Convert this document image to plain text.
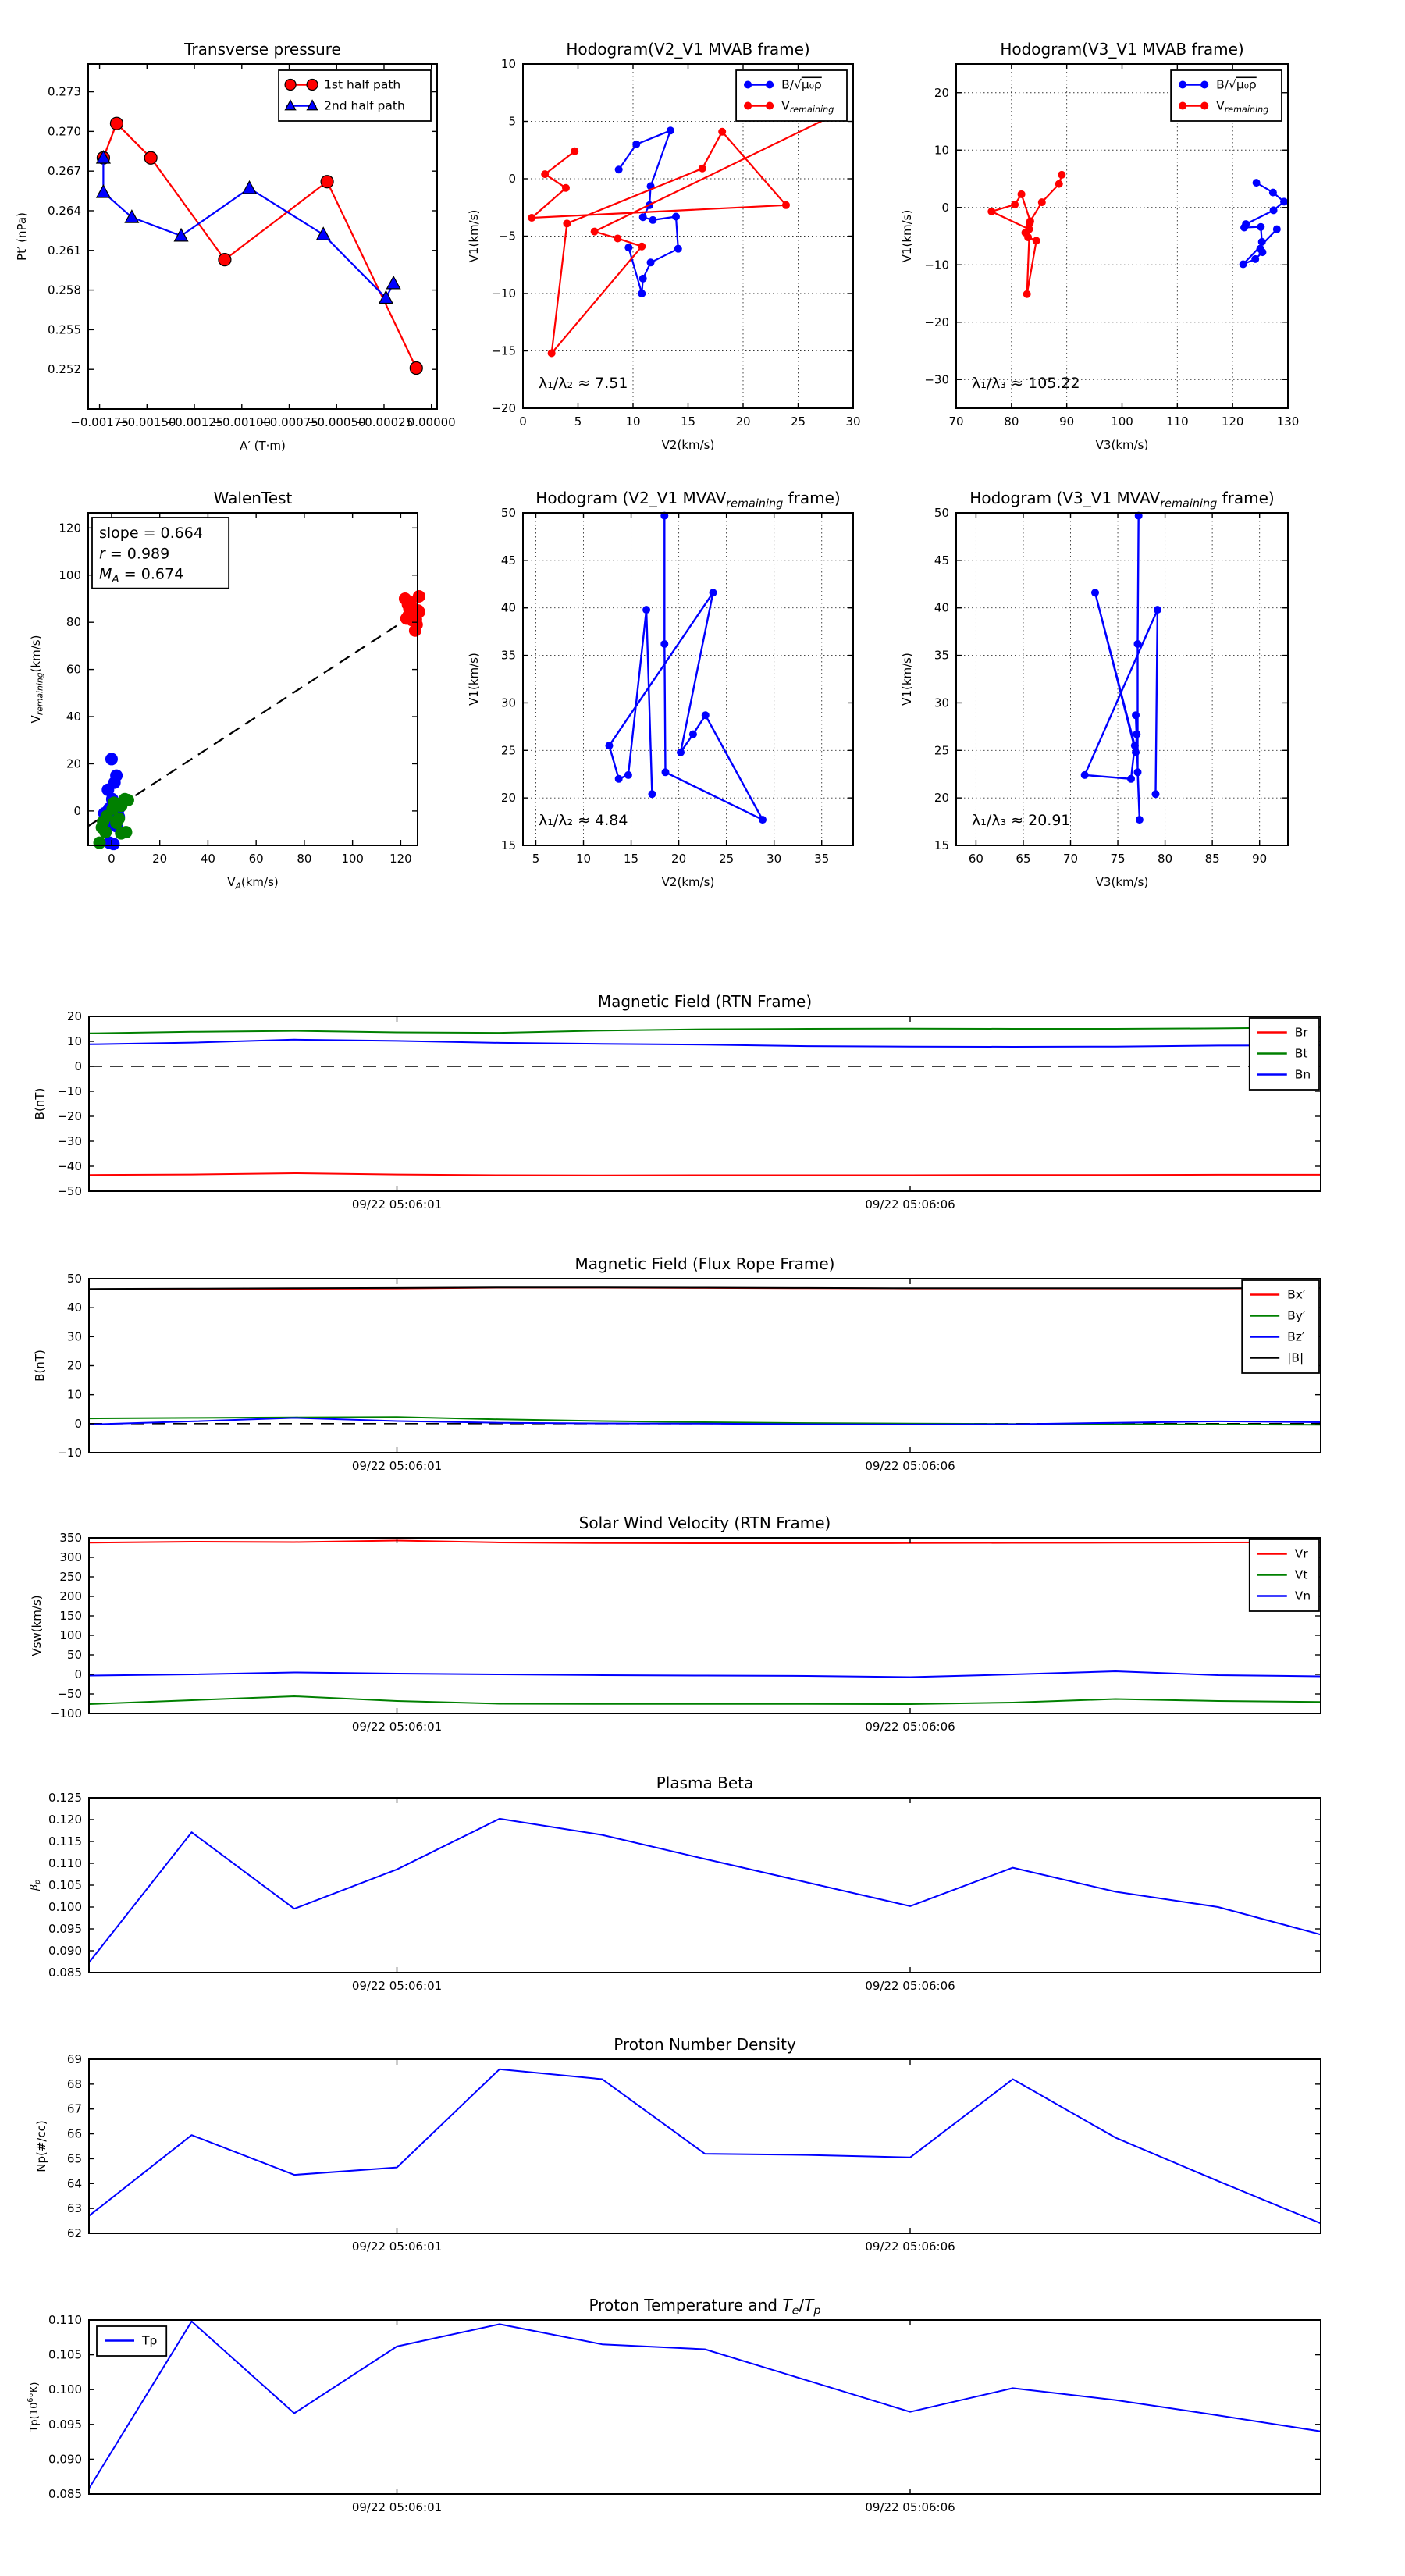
−0.00175
−0.00150
−0.00125
−0.00100
−0.00075
−0.00050
−0.00025
0.00000
0.252
0.255
0.258
0.261
0.264
0.267
0.270
0.273
Transverse pressure
A′ (T·m)
Pt′ (nPa)
1st half path
2nd half path
0	5	10	15	20	25	30
−20
−15
−10
−5
0
5
10
Hodogram(V2_V1 MVAB frame)
V2(km/s)
V1(km/s)
B/√μ₀ρ
$V_{remaining}$
λ₁/λ₂ ≈ 7.51
70	80	90	100	110	120	130
−30
−20
−10
0
10
20
Hodogram(V3_V1 MVAB frame)
V3(km/s)
V1(km/s)
B/√μ₀ρ
$V_{remaining}$
λ₁/λ₃ ≈ 105.22
0	20	40	60	80	100 120
0
20
40
60
80
100
120
WalenTest
$V_A(km/s)$
$V_{remaining}(km/s)$
slope = 0.664
r = 0.989
$M_A = 0.674$
5	10	15	20	25	30	35
15
20
25
30
35
40
45
50
Hodogram (V2_V1 $MVAV_{remaining}$ frame)
V2(km/s)
V1(km/s)
λ₁/λ₂ ≈ 4.84
60	65	70	75	80	85	90
15
20
25
30
35
40
45
50
Hodogram (V3_V1 $MVAV_{remaining}$ frame)
V3(km/s)
V1(km/s)
λ₁/λ₃ ≈ 20.91
09/22 05:06:01	09/22 05:06:06
−50
−40
−30
−20
−10
0
10
20
Magnetic Field (RTN Frame)
B(nT)
Br
Bt
Bn
09/22 05:06:01	09/22 05:06:06
−10
0
10
20
30
40
50
Magnetic Field (Flux Rope Frame)
B(nT)
Bx′
By′
Bz′
|B|
09/22 05:06:01	09/22 05:06:06
−100
−50
0
50
100
150
200
250
300
350
Solar Wind Velocity (RTN Frame)
Vsw(km/s)
Vr
Vt
Vn
09/22 05:06:01	09/22 05:06:06
0.085
0.090
0.095
0.100
0.105
0.110
0.115
0.120
0.125
Plasma Beta
$\beta_p$
09/22 05:06:01	09/22 05:06:06
62
63
64
65
66
67
68
69
Proton Number Density
Np(#/cc)
09/22 05:06:01	09/22 05:06:06
0.085
0.090
0.095
0.100
0.105
0.110
Proton Temperature and $T_e/T_p$
$Tp(10^6^\circ K)$
Tp
